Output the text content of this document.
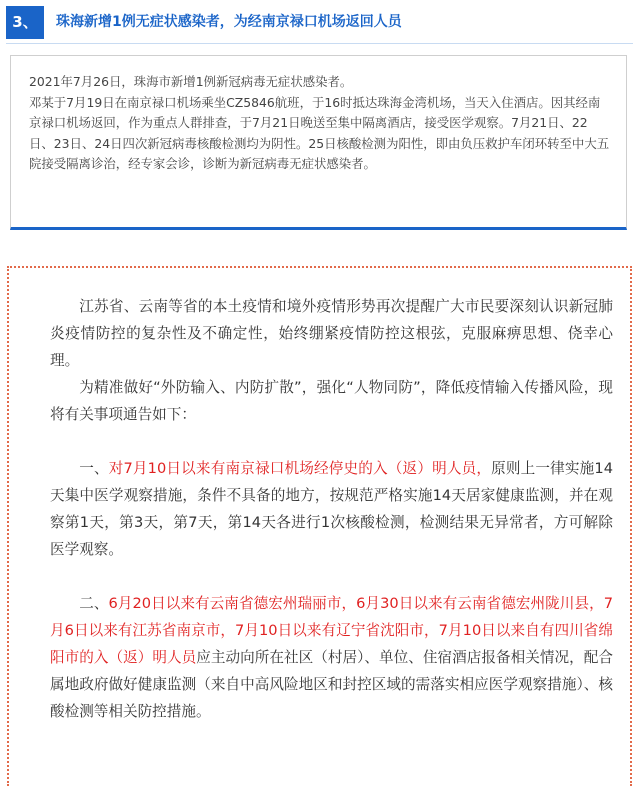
3、	珠海新增1例无症状感染者，为经南京禄口机场返回人员

2021年7月26日，珠海市新增1例新冠病毒无症状感染者。

邓某于7月19日在南京禄口机场乘坐CZ5846航班，于16时抵达珠海金湾机场，当天入住酒店。因其经南京禄口机场返回，作为重点人群排查，于7月21日晚送至集中隔离酒店，接受医学观察。7月21日、22日、23日、24日四次新冠病毒核酸检测均为阴性。25日核酸检测为阳性，即由负压救护车闭环转至中大五院接受隔离诊治，经专家会诊，诊断为新冠病毒无症状感染者。

江苏省、云南等省的本土疫情和境外疫情形势再次提醒广大市民要深刻认识新冠肺炎疫情防控的复杂性及不确定性，始终绷紧疫情防控这根弦，克服麻痹思想、侥幸心理。

为精准做好“外防输入、内防扩散”，强化“人物同防”，降低疫情输入传播风险，现将有关事项通告如下：

一、对7月10日以来有南京禄口机场经停史的入（返）明人员，原则上一律实施14天集中医学观察措施，条件不具备的地方，按规范严格实施14天居家健康监测，并在观察第1天，第3天，第7天，第14天各进行1次核酸检测，检测结果无异常者，方可解除医学观察。

二、6月20日以来有云南省德宏州瑞丽市，6月30日以来有云南省德宏州陇川县，7月6日以来有江苏省南京市，7月10日以来有辽宁省沈阳市，7月10日以来自有四川省绵阳市的入（返）明人员应主动向所在社区（村居）、单位、住宿酒店报备相关情况，配合属地政府做好健康监测（来自中高风险地区和封控区域的需落实相应医学观察措施）、核酸检测等相关防控措施。
